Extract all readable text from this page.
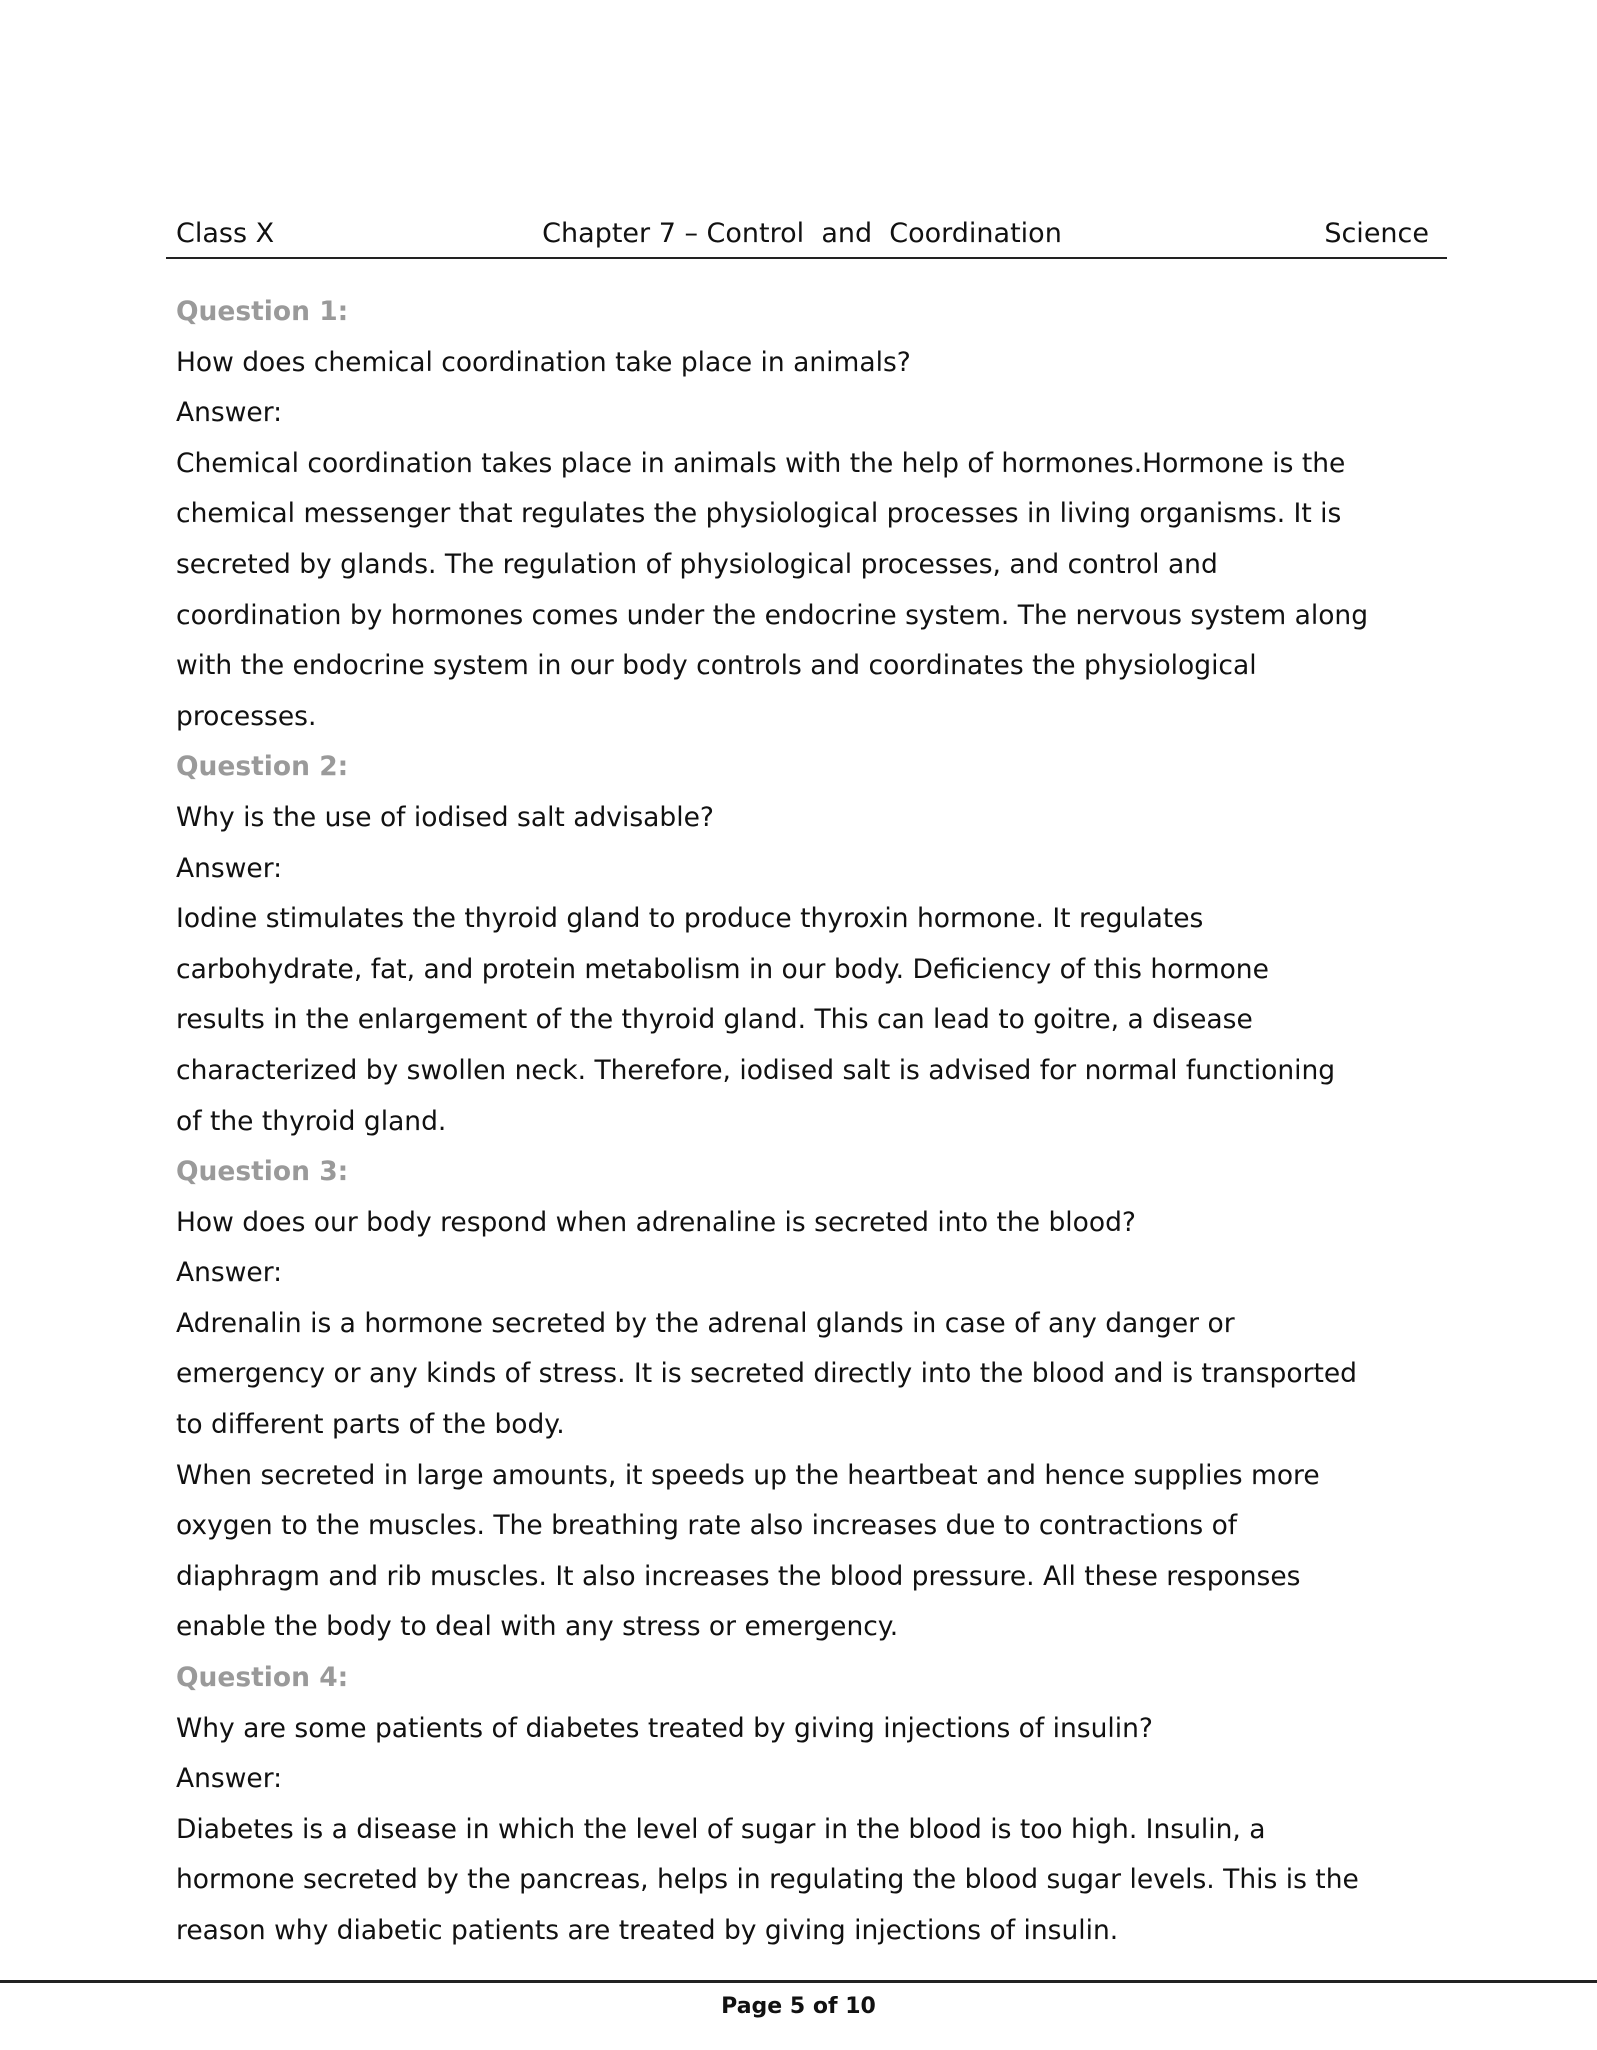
Class X	Chapter 7 – Control  and  Coordination	Science
Question 1:
How does chemical coordination take place in animals?
Answer:
Chemical coordination takes place in animals with the help of hormones.Hormone is the
chemical messenger that regulates the physiological processes in living organisms. It is
secreted by glands. The regulation of physiological processes, and control and
coordination by hormones comes under the endocrine system. The nervous system along
with the endocrine system in our body controls and coordinates the physiological
processes.
Question 2:
Why is the use of iodised salt advisable?
Answer:
Iodine stimulates the thyroid gland to produce thyroxin hormone. It regulates
carbohydrate, fat, and protein metabolism in our body. Deficiency of this hormone
results in the enlargement of the thyroid gland. This can lead to goitre, a disease
characterized by swollen neck. Therefore, iodised salt is advised for normal functioning
of the thyroid gland.
Question 3:
How does our body respond when adrenaline is secreted into the blood?
Answer:
Adrenalin is a hormone secreted by the adrenal glands in case of any danger or
emergency or any kinds of stress. It is secreted directly into the blood and is transported
to different parts of the body.
When secreted in large amounts, it speeds up the heartbeat and hence supplies more
oxygen to the muscles. The breathing rate also increases due to contractions of
diaphragm and rib muscles. It also increases the blood pressure. All these responses
enable the body to deal with any stress or emergency.
Question 4:
Why are some patients of diabetes treated by giving injections of insulin?
Answer:
Diabetes is a disease in which the level of sugar in the blood is too high. Insulin, a
hormone secreted by the pancreas, helps in regulating the blood sugar levels. This is the
reason why diabetic patients are treated by giving injections of insulin.
Page 5 of 10
